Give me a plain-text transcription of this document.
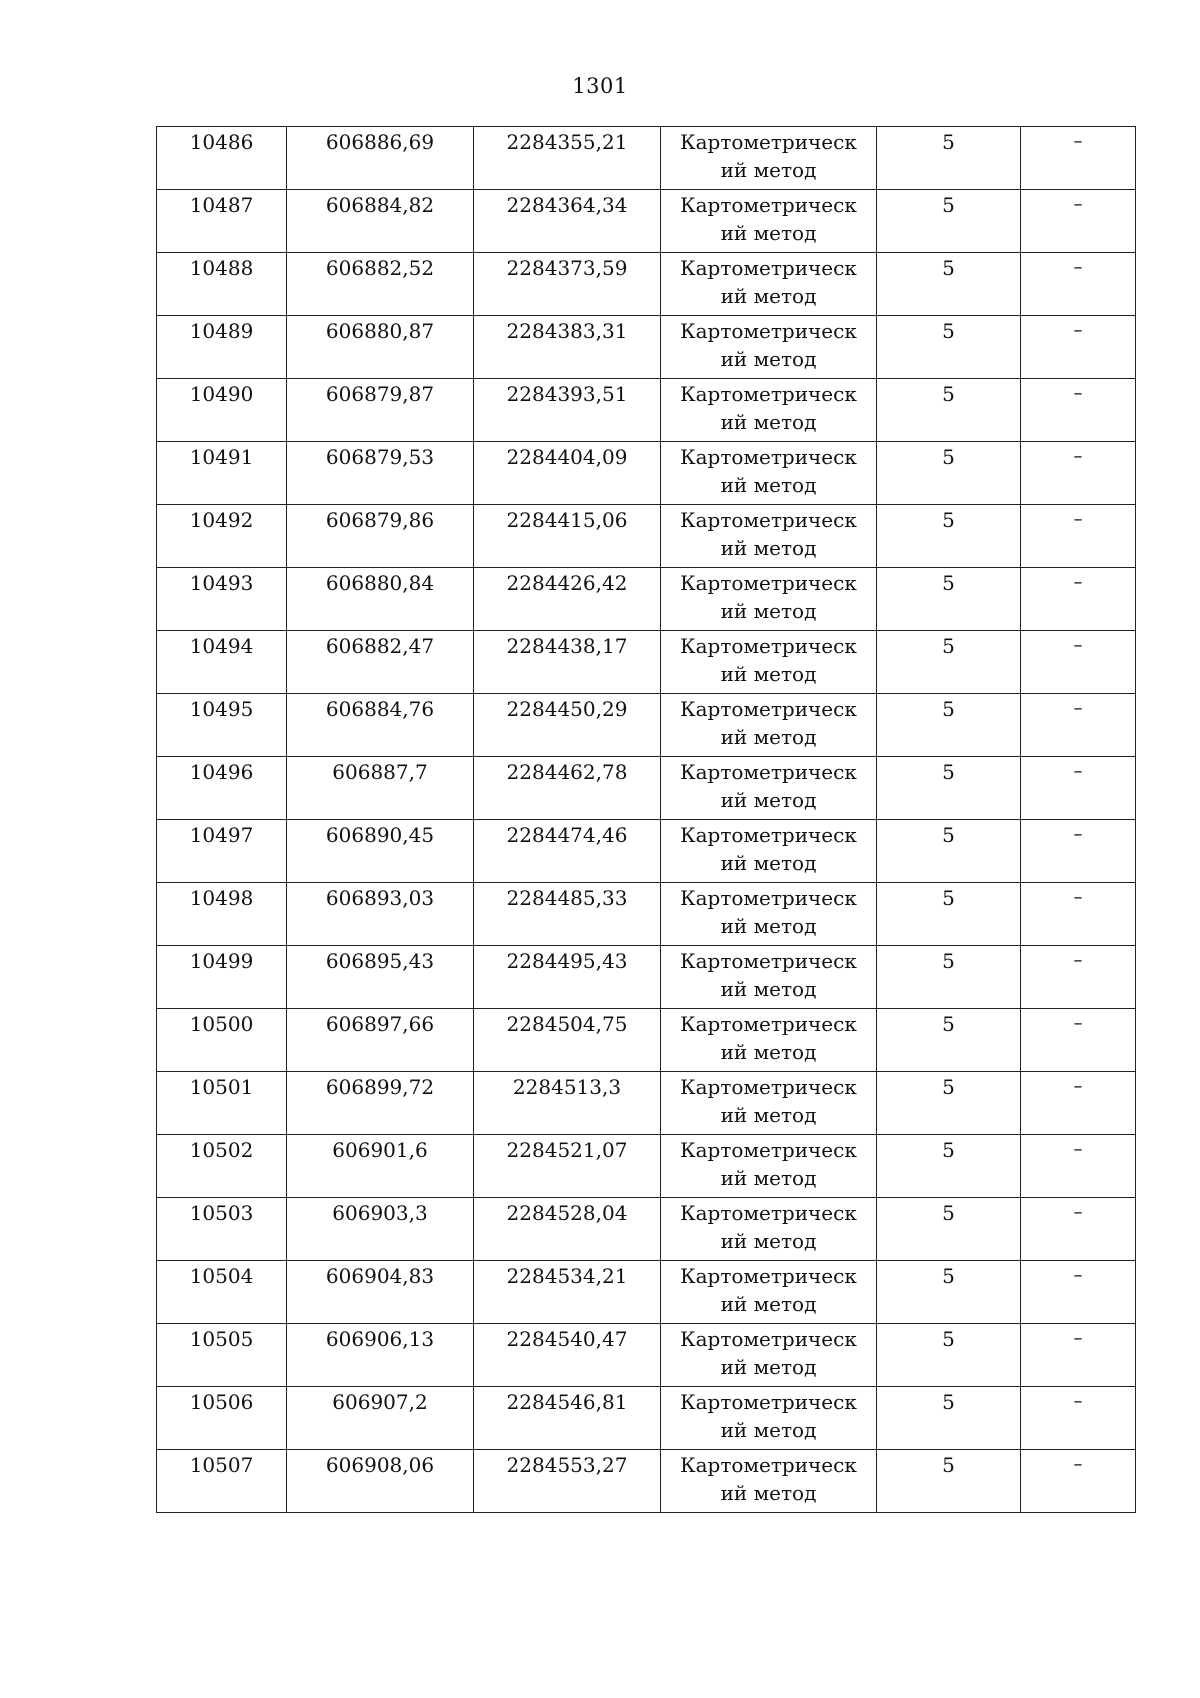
1301
10486	606886,69	2284355,21	Картометрический метод	5	–
10487	606884,82	2284364,34	Картометрический метод	5	–
10488	606882,52	2284373,59	Картометрический метод	5	–
10489	606880,87	2284383,31	Картометрический метод	5	–
10490	606879,87	2284393,51	Картометрический метод	5	–
10491	606879,53	2284404,09	Картометрический метод	5	–
10492	606879,86	2284415,06	Картометрический метод	5	–
10493	606880,84	2284426,42	Картометрический метод	5	–
10494	606882,47	2284438,17	Картометрический метод	5	–
10495	606884,76	2284450,29	Картометрический метод	5	–
10496	606887,7	2284462,78	Картометрический метод	5	–
10497	606890,45	2284474,46	Картометрический метод	5	–
10498	606893,03	2284485,33	Картометрический метод	5	–
10499	606895,43	2284495,43	Картометрический метод	5	–
10500	606897,66	2284504,75	Картометрический метод	5	–
10501	606899,72	2284513,3	Картометрический метод	5	–
10502	606901,6	2284521,07	Картометрический метод	5	–
10503	606903,3	2284528,04	Картометрический метод	5	–
10504	606904,83	2284534,21	Картометрический метод	5	–
10505	606906,13	2284540,47	Картометрический метод	5	–
10506	606907,2	2284546,81	Картометрический метод	5	–
10507	606908,06	2284553,27	Картометрический метод	5	–
